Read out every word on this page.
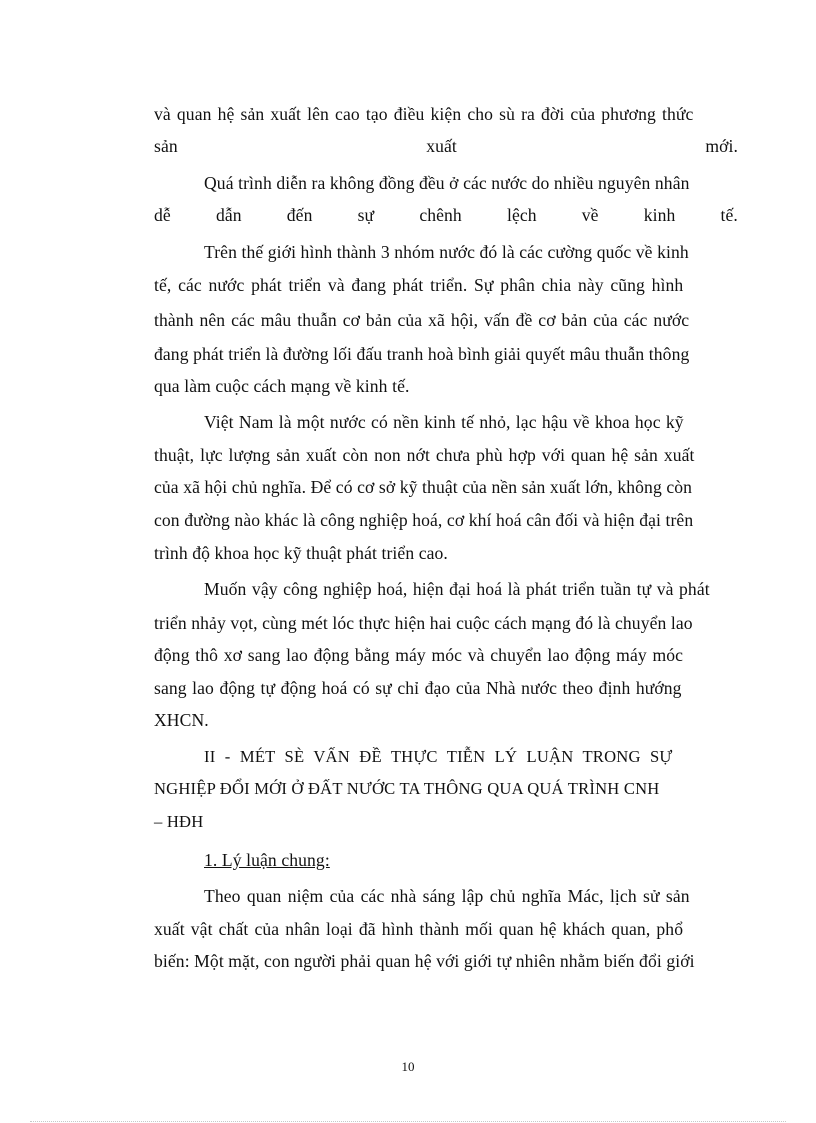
và quan hệ sản xuất lên cao tạo điều kiện cho sù ra đời của phương thức
sản	xuất	mới.
Quá trình diễn ra không đồng đều ở các nước do nhiều nguyên nhân
dễ	dẫn	đến	sự	chênh	lệch	về	kinh	tế.
Trên thế giới hình thành 3 nhóm nước đó là các cường quốc về kinh
tế, các nước phát triển và đang phát triển. Sự phân chia này cũng hình
thành nên các mâu thuẫn cơ bản của xã hội, vấn đề cơ bản của các nước
đang phát triển là đường lối đấu tranh hoà bình giải quyết mâu thuẫn thông
qua làm cuộc cách mạng về kinh tế.
Việt Nam là một nước có nền kinh tế nhỏ, lạc hậu về khoa học kỹ
thuật, lực lượng sản xuất còn non nớt chưa phù hợp với quan hệ sản xuất
của xã hội chủ nghĩa. Để có cơ sở kỹ thuật của nền sản xuất lớn, không còn
con đường nào khác là công nghiệp hoá, cơ khí hoá cân đối và hiện đại trên
trình độ khoa học kỹ thuật phát triển cao.
Muốn vậy công nghiệp hoá, hiện đại hoá là phát triển tuần tự và phát
triển nhảy vọt, cùng mét lóc thực hiện hai cuộc cách mạng đó là chuyển lao
động thô xơ sang lao động bằng máy móc và chuyển lao động máy móc
sang lao động tự động hoá có sự chỉ đạo của Nhà nước theo định hướng
XHCN.
II - MÉT SÈ VẤN ĐỀ THỰC TIỄN LÝ LUẬN TRONG SỰ
NGHIỆP ĐỔI MỚI Ở ĐẤT NƯỚC TA THÔNG QUA QUÁ TRÌNH CNH
– HĐH
1. Lý luận chung:
Theo quan niệm của các nhà sáng lập chủ nghĩa Mác, lịch sử sản
xuất vật chất của nhân loại đã hình thành mối quan hệ khách quan, phổ
biến: Một mặt, con người phải quan hệ với giới tự nhiên nhằm biến đổi giới
10
